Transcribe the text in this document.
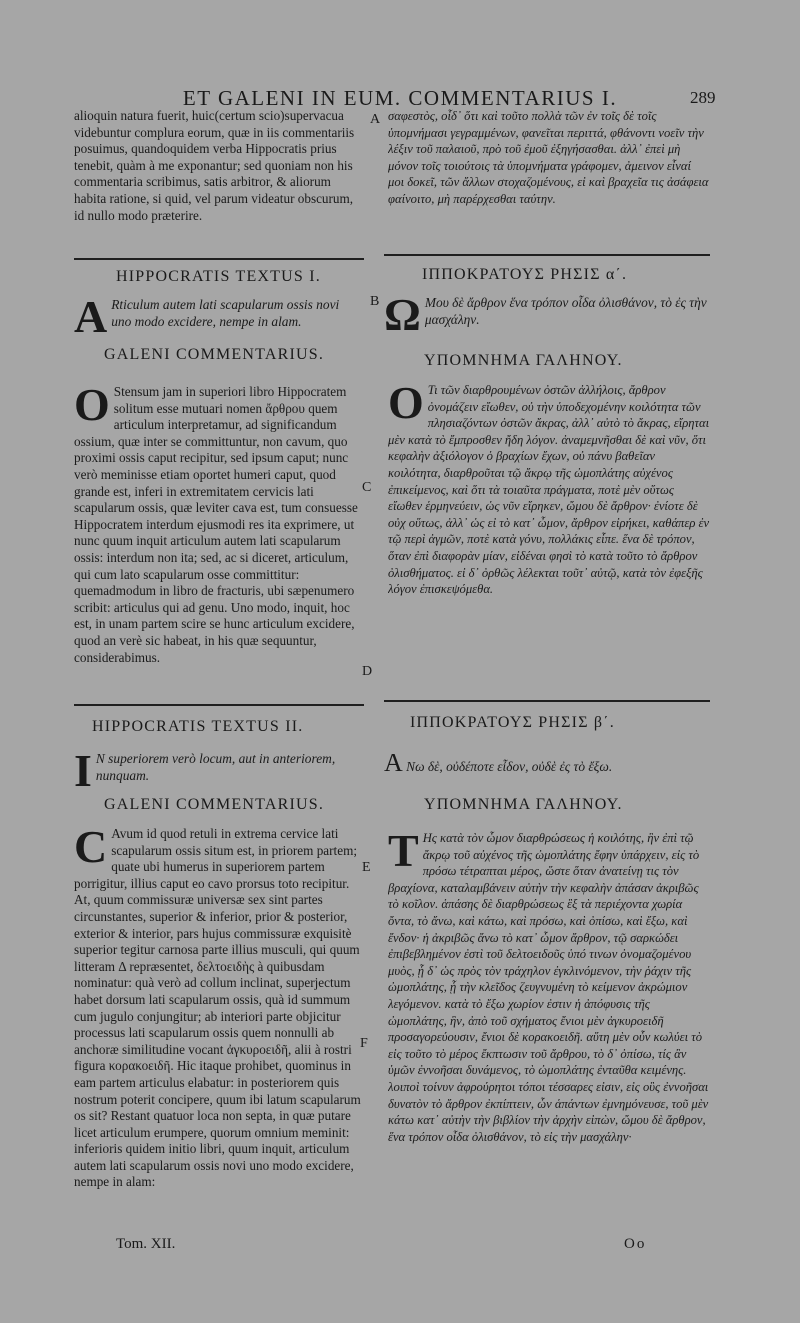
ET GALENI IN EUM. COMMENTARIUS I.	289
alioquin natura fuerit, huic(certum scio)supervacua videbuntur complura eorum, quæ in iis commentariis posuimus, quandoquidem verba Hippocratis prius tenebit, quàm à me exponantur; sed quoniam non his commentaria scribimus, satis arbitror, & aliorum habita ratione, si quid, vel parum videatur obscurum, id nullo modo præterire.
σαφεστὸς, οἶδ᾽ ὅτι καὶ τοῦτο πολλὰ τῶν ἐν τοῖς δὲ τοῖς ὑπομνήμασι γεγραμμένων, φανεῖται περιττά, φθάνοντι νοεῖν τὴν λέξιν τοῦ παλαιοῦ, πρὸ τοῦ ἐμοῦ ἐξηγήσασθαι. ἀλλ᾽ ἐπεὶ μὴ μόνον τοῖς τοιούτοις τὰ ὑπομνήματα γράφομεν, ἀμεινον εἶναί μοι δοκεῖ, τῶν ἄλλων στοχαζομένους, εἰ καὶ βραχεῖα τις ἀσάφεια φαίνοιτο, μὴ παρέρχεσθαι ταύτην.
A
B
C
D
E
F
HIPPOCRATIS TEXTUS I.	ΙΠΠΟΚΡΑΤΟΥΣ ΡΗΣΙΣ α΄.
A Rticulum autem lati scapularum ossis novi uno modo excidere, nempe in alam.	Ω Μου δὲ ἄρθρον ἕνα τρόπον οἶδα ὀλισθάνον, τὸ ἐς τὴν μασχάλην.
GALENI COMMENTARIUS.	ΥΠΟΜΝΗΜΑ ΓΑΛΗΝΟΥ.
O Stensum jam in superiori libro Hippocratem solitum esse mutuari nomen ἄρθρου quem articulum interpretamur, ad significandum ossium, quæ inter se committuntur, non cavum, quo proximi ossis caput recipitur, sed ipsum caput; nunc verò meminisse etiam oportet humeri caput, quod grande est, inferi in extremitatem cervicis lati scapularum ossis, quæ leviter cava est, tum consuesse Hippocratem interdum ejusmodi res ita exprimere, ut nunc quum inquit articulum autem lati scapularum ossis: interdum non ita; sed, ac si diceret, articulum, qui cum lato scapularum osse committitur: quemadmodum in libro de fracturis, ubi sæpenumero scribit: articulus qui ad genu. Uno modo, inquit, hoc est, in unam partem scire se hunc articulum excidere, quod an verè sic habeat, in his quæ sequuntur, considerabimus.
Ο Τι τῶν διαρθρουμένων ὀστῶν ἀλλήλοις, ἄρθρον ὀνομάζειν εἴωθεν, οὐ τὴν ὑποδεχομένην κοιλότητα τῶν πλησιαζόντων ὀστῶν ἄκρας, ἀλλ᾽ αὐτὸ τὸ ἄκρας, εἴρηται μὲν κατὰ τὸ ἔμπροσθεν ἤδη λόγον. ἀναμεμνῆσθαι δὲ καὶ νῦν, ὅτι κεφαλὴν ἀξιόλογον ὁ βραχίων ἔχων, οὐ πάνυ βαθεῖαν κοιλότητα, διαρθροῦται τῷ ἄκρῳ τῆς ὠμοπλάτης αὐχένος ἐπικείμενος, καὶ ὅτι τὰ τοιαῦτα πράγματα, ποτὲ μὲν οὕτως εἴωθεν ἑρμηνεύειν, ὡς νῦν εἴρηκεν, ὤμου δὲ ἄρθρον· ἐνίοτε δὲ οὐχ οὕτως, ἀλλ᾽ ὡς εἰ τὸ κατ᾽ ὦμον, ἄρθρον εἰρήκει, καθάπερ ἐν τῷ περὶ ἀγμῶν, ποτὲ κατὰ γόνυ, πολλάκις εἶπε. ἕνα δὲ τρόπον, ὅταν ἐπὶ διαφορὰν μίαν, εἰδέναι φησὶ τὸ κατὰ τοῦτο τὸ ἄρθρον ὀλισθήματος. εἰ δ᾽ ὀρθῶς λέλεκται τοῦτ᾽ αὐτῷ, κατὰ τὸν ἐφεξῆς λόγον ἐπισκεψόμεθα.
HIPPOCRATIS TEXTUS II.	ΙΠΠΟΚΡΑΤΟΥΣ ΡΗΣΙΣ β΄.
I N superiorem verò locum, aut in anteriorem, nunquam.	Α Νω δὲ, οὐδέποτε εἶδον, οὐδὲ ἐς τὸ ἔξω.
GALENI COMMENTARIUS.	ΥΠΟΜΝΗΜΑ ΓΑΛΗΝΟΥ.
C Avum id quod retuli in extrema cervice lati scapularum ossis situm est, in priorem partem; quate ubi humerus in superiorem partem porrigitur, illius caput eo cavo prorsus toto recipitur. At, quum commissuræ universæ sex sint partes circunstantes, superior & inferior, prior & posterior, exterior & interior, pars hujus commissuræ exquisitè superior tegitur carnosa parte illius musculi, qui quum litteram Δ repræsentet, δελτοειδὴς à quibusdam nominatur: quà verò ad collum inclinat, superjectum habet dorsum lati scapularum ossis, quà id summum cum jugulo conjungitur; ab interiori parte objicitur processus lati scapularum ossis quem nonnulli ab anchoræ similitudine vocant ἀγκυροειδῆ, alii à rostri figura κορακοειδῆ. Hic itaque prohibet, quominus in eam partem articulus elabatur: in posteriorem quis nostrum poterit concipere, quum ibi latum scapularum os sit? Restant quatuor loca non septa, in quæ putare licet articulum erumpere, quorum omnium meminit: inferioris quidem initio libri, quum inquit, articulum autem lati scapularum ossis novi uno modo excidere, nempe in alam:
Τ Ης κατὰ τὸν ὦμον διαρθρώσεως ἡ κοιλότης, ἣν ἐπὶ τῷ ἄκρῳ τοῦ αὐχένος τῆς ὠμοπλάτης ἔφην ὑπάρχειν, εἰς τὸ πρόσω τέτραπται μέρος, ὥστε ὅταν ἀνατείνῃ τις τὸν βραχίονα, καταλαμβάνειν αὐτὴν τὴν κεφαλὴν ἀπάσαν ἀκριβῶς τὸ κοῖλον. ἁπάσης δὲ διαρθρώσεως ἓξ τὰ περιέχοντα χωρία ὄντα, τὸ ἄνω, καὶ κάτω, καὶ πρόσω, καὶ ὀπίσω, καὶ ἔξω, καὶ ἔνδον· ἡ ἀκριβῶς ἄνω τὸ κατ᾽ ὦμον ἄρθρον, τῷ σαρκώδει ἐπιβεβλημένον ἐστὶ τοῦ δελτοειδοῦς ὑπό τινων ὀνομαζομένου μυὸς, ᾗ δ᾽ ὡς πρὸς τὸν τράχηλον ἐγκλινόμενον, τὴν ῥάχιν τῆς ὠμοπλάτης, ᾗ τὴν κλεῖδος ζευγνυμένη τὸ κείμενον ἀκρώμιον λεγόμενον. κατὰ τὸ ἔξω χωρίον ἐστιν ἡ ἀπόφυσις τῆς ὠμοπλάτης, ἣν, ἀπὸ τοῦ σχήματος ἔνιοι μὲν ἀγκυροειδῆ προσαγορεύουσιν, ἔνιοι δὲ κορακοειδῆ. αὕτη μὲν οὖν κωλύει τὸ εἰς τοῦτο τὸ μέρος ἔκπτωσιν τοῦ ἄρθρου, τὸ δ᾽ ὀπίσω, τίς ἂν ὑμῶν ἐννοῆσαι δυνάμενος, τὸ ὠμοπλάτης ἐνταῦθα κειμένης. λοιποὶ τοίνυν ἀφρούρητοι τόποι τέσσαρες εἰσιν, εἰς οὓς ἐννοῆσαι δυνατὸν τὸ ἄρθρον ἐκπίπτειν, ὧν ἁπάντων ἐμνημόνευσε, τοῦ μὲν κάτω κατ᾽ αὐτὴν τὴν βιβλίον τὴν ἀρχὴν εἰπὼν, ὤμου δὲ ἄρθρον, ἕνα τρόπον οἶδα ὀλισθάνον, τὸ εἰς τὴν μασχάλην·
Tom. XII.	Oo
